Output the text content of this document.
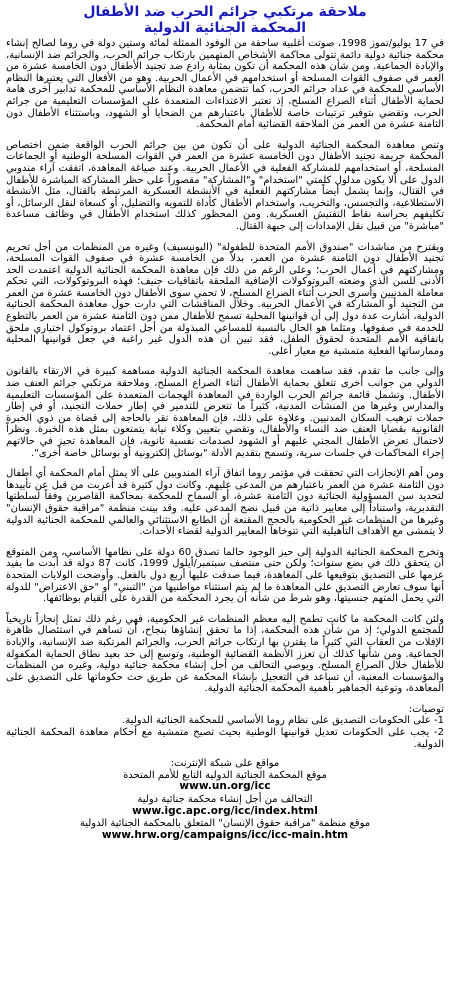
ملاحقة مرتكبي جرائم الحرب ضد الأطفال
المحكمة الجنائية الدولية

في 17 يوليو/تموز 1998، صوتت أغلبية ساحقة من الوفود الممثلة لمائة وستين دولة في روما لصالح إنشاء محكمة جنائية دولية دائمة تتولى محاكمة الأشخاص المتهمين بارتكاب جرائم الحرب، والجرائم ضد الإنسانية، والإبادة الجماعية. ومن شأن هذه المحكمة أن تكون بمثابة رادع ضد تجنيد الأطفال دون الخامسة عشرة من العمر في صفوف القوات المسلحة أو استخدامهم في الأعمال الحربية. وهو من الأفعال التي يعتبرها النظام الأساسي للمحكمة في عداد جرائم الحرب، كما تتضمن معاهدة النظام الأساسي للمحكمة تدابير أخرى هامة لحماية الأطفال أثناء الصراع المسلح، إذ تعتبر الاعتداءات المتعمدة على المؤسسات التعليمية من جرائم الحرب، وتقضي بتوفير ترتيبات خاصة للأطفال باعتبارهم من الضحايا أو الشهود، وباستثناء الأطفال دون الثامنة عشرة من العمر من الملاحقة القضائية أمام المحكمة.

وتنص معاهدة المحكمة الجنائية الدولية على أن تكون من بين جرائم الحرب الواقعة ضمن اختصاص المحكمة جريمة تجنيد الأطفال دون الخامسة عشرة من العمر في القوات المسلحة الوطنية أو الجماعات المسلحة، أو استخدامهم للمشاركة الفعلية في الأعمال الحربية. وعند صياغة المعاهدة، اتفقت آراء مندوبي الدول على ألا يكون مدلول كلمتي "استخدام" و"المشاركة" مقصوراً على حظر المشاركة المباشرة للأطفال في القتال، وإنما يشمل أيضاً مشاركتهم الفعلية في الأنشطة العسكرية المرتبطة بالقتال، مثل الأنشطة الاستطلاعية، والتجسس، والتخريب، واستخدام الأطفال كأداة للتمويه والتضليل، أو كسعاة لنقل الرسائل، أو تكليفهم بحراسة نقاط التفتيش العسكرية. ومن المحظور كذلك استخدام الأطفال في وظائف مساعدة "مباشرة" من قبيل نقل الإمدادات إلى جبهة القتال.

ويقترح من مناشدات "صندوق الأمم المتحدة للطفولة" (اليونيسيف) وغيره من المنظمات من أجل تحريم تجنيد الأطفال دون الثامنة عشرة من العمر، بدلاً من الخامسة عشرة في صفوف القوات المسلحة، ومشاركتهم في أعمال الحرب؛ وعلى الرغم من ذلك فإن معاهدة المحكمة الجنائية الدولية اعتمدت الحد الأدنى للسن الذي وضعته البروتوكولات الإضافية الملحقة باتفاقيات جنيف؛ فهذه البروتوكولات، التي تحكم معاملة المدنيين وأسرى الحرب أثناء الصراع المسلح، لا تحمي سوى الأطفال دون الخامسة عشرة من العمر من التجنيد أو المشاركة في الأعمال الحربية. وخلال المناقشات التي دارت حول معاهدة المحكمة الجنائية الدولية، أشارت عدة دول إلى أن قوانينها المحلية تسمح للأطفال ممن دون الثامنة عشرة من العمر بالتطوع للخدمة في صفوفها. ومثلما هو الحال بالنسبة للمساعي المبذولة من أجل اعتماد بروتوكول اختياري ملحق باتفاقية الأمم المتحدة لحقوق الطفل، فقد تبين أن هذه الدول غير راغبة في جعل قوانينها المحلية وممارساتها الفعلية متمشية مع معيار أعلى.

وإلى جانب ما تقدم، فقد ساهمت معاهدة المحكمة الجنائية الدولية مساهمة كبيرة في الارتقاء بالقانون الدولي من جوانب أخرى تتعلق بحماية الأطفال أثناء الصراع المسلح، وملاحقة مرتكبي جرائم العنف ضد الأطفال. وتشمل قائمة جرائم الحرب الواردة في المعاهدة الهجمات المتعمدة على المؤسسات التعليمية والمدارس وغيرها من المنشآت المدنية، كثيراً ما تتعرض للتدمير في إطار حملات التجنيد، أو في إطار حملات ترهيب السكان المدنيين. وعلاوة على ذلك، فإن المعاهدة تقر بالحاجة إلى قضاة من ذوي الخبرة القانونية بقضايا العنف ضد النساء والأطفال، وتقضي بتعيين وكلاء نيابة يتمتعون بمثل هذه الخبرة. ونظراً لاحتمال تعرض الأطفال المجني عليهم أو الشهود لصدمات نفسية ثانوية، فإن المعاهدة تجيز في حالاتهم إجراء المحاكمات في جلسات سرية، وتسمح بتقديم الأدلة "بوسائل إلكترونية أو بوسائل خاصة أخرى".

ومن أهم الإنجازات التي تحققت في مؤتمر روما اتفاق آراء المندوبين على ألا يمثل أمام المحكمة أي أطفال دون الثامنة عشرة من العمر باعتبارهم من المدعى عليهم. وكانت دول كثيرة قد أعربت من قبل عن تأييدها لتحديد سن المسؤولية الجنائية دون الثامنة عشرة، أو السماح للمحكمة بمحاكمة القاصرين وفقاً لسلطتها التقديرية، واستناداً إلى معايير ذاتية من قبيل نضج المدعى عليه. وقد بينت منظمة "مراقبة حقوق الإنسان" وغيرها من المنظمات غير الحكومية بالحجج المقنعة أن الطابع الاستثنائي والعالمي للمحكمة الجنائية الدولية لا يتمشى مع الأهداف التأهيلية التي تتوخاها المعايير الدولية لقضاء الأحداث.

وتخرج المحكمة الجنائية الدولية إلى حيز الوجود حالما تصدق 60 دولة على نظامها الأساسي، ومن المتوقع أن يتحقق ذلك في بضع سنوات؛ ولكن حتى منتصف سبتمبر/أيلول 1999، كانت 87 دولة قد أبدت ما يفيد عزمها على التصديق بتوقيعها على المعاهدة، فيما صدقت عليها أربع دول بالفعل. وأوضحت الولايات المتحدة أنها سوف تعارض التصديق على المعاهدة ما لم يتم استثناء مواطنيها من "التبني" أو "حق الاعتراض" للدولة التي يحمل المتهم جنسيتها، وهو شرط من شأنه أن يجرد المحكمة من القدرة على القيام بوظائفها.

ولئن كانت المحكمة ما كانت تطمح إليه معظم المنظمات غير الحكومية، فهي رغم ذلك تمثل إنجازاً تاريخياً للمجتمع الدولي؛ إذ من شأن هذه المحكمة، إذا ما تحقق إنشاؤها بنجاح، أن تساهم في استئصال ظاهرة الإفلات من العقاب التي كثيراً ما يقترن بها ارتكاب جرائم الحرب، والجرائم المرتكبة ضد الإنسانية، والإبادة الجماعية. ومن شأنها كذلك أن تعزز الأنظمة القضائية الوطنية، وتوسع إلى حد بعيد نطاق الحماية المكفولة للأطفال خلال الصراع المسلح. ويوصي التحالف من أجل إنشاء محكمة جنائية دولية، وغيره من المنظمات والمؤسسات المعنية، أن تساعد في التعجيل بإنشاء المحكمة عن طريق حث حكوماتها على التصديق على المعاهدة، وتوعية الجماهير بأهمية المحكمة الجنائية الدولية.

توصيات:
1- على الحكومات التصديق على نظام روما الأساسي للمحكمة الجنائية الدولية.
2- يجب على الحكومات تعديل قوانينها الوطنية بحيث تصبح متمشية مع أحكام معاهدة المحكمة الجنائية الدولية.
مواقع على شبكة الإنترنت:
موقع المحكمة الجنائية الدولية التابع للأمم المتحدة
www.un.org/icc
التحالف من أجل إنشاء محكمة جنائية دولية
www.igc.apc.org/icc/index.html
موقع منظمة "مراقبة حقوق الإنسان" المتعلق بالمحكمة الجنائية الدولية
www.hrw.org/campaigns/icc/icc-main.htm
